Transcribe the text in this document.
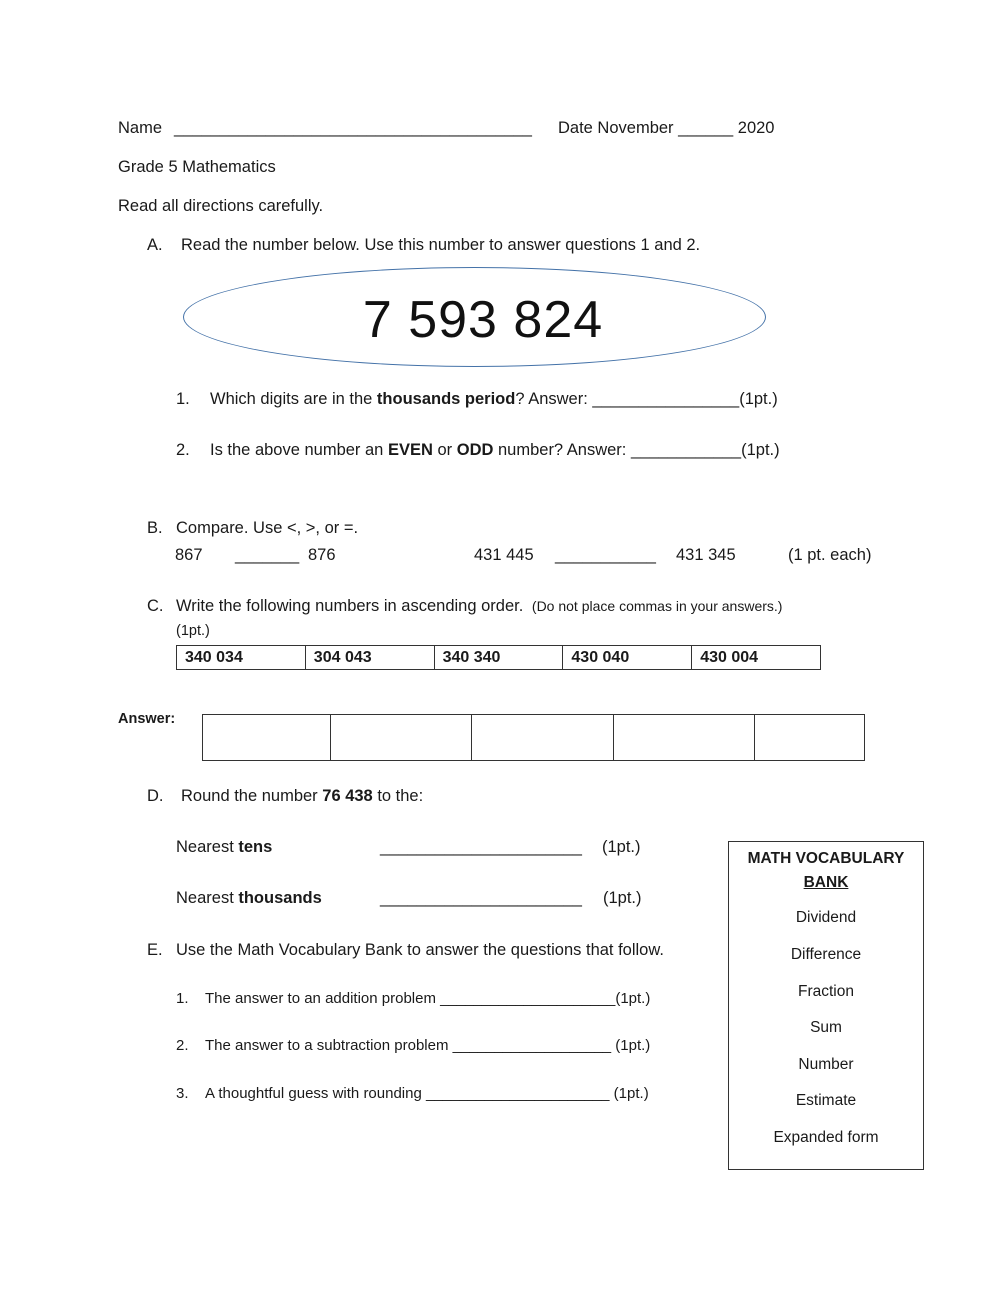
Name _______________________________________ Date November ______ 2020
Grade 5 Mathematics
Read all directions carefully.
A. Read the number below. Use this number to answer questions 1 and 2.
7 593 824
1. Which digits are in the thousands period? Answer: ________________(1pt.)
2. Is the above number an EVEN or ODD number? Answer: ____________(1pt.)
B. Compare. Use <, >, or =.
867 _______ 876	431 445 ___________ 431 345	(1 pt. each)
C. Write the following numbers in ascending order. (Do not place commas in your answers.)
(1pt.)
340 034	304 043	340 340	430 040	430 004
Answer:

D. Round the number 76 438 to the:
Nearest tens	______________________ (1pt.)
Nearest thousands	______________________ (1pt.)
E. Use the Math Vocabulary Bank to answer the questions that follow.
1. The answer to an addition problem _____________________(1pt.)
2. The answer to a subtraction problem ___________________ (1pt.)
3. A thoughtful guess with rounding ______________________ (1pt.)
MATH VOCABULARY
BANK
Dividend
Difference
Fraction
Sum
Number
Estimate
Expanded form
